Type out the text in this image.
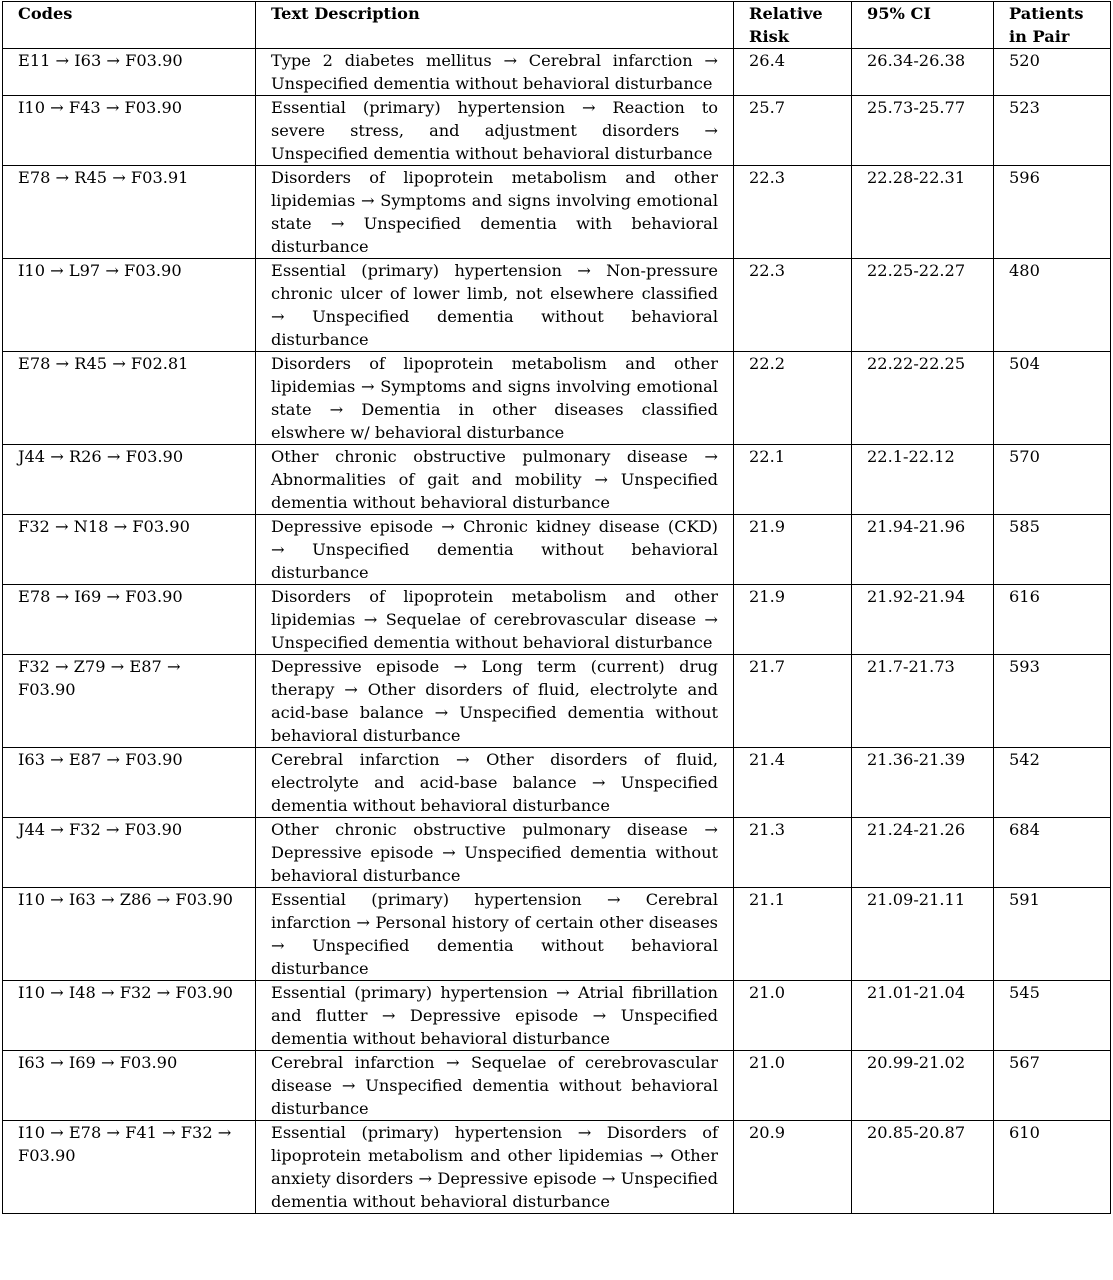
Codes	Text Description	Relative Risk	95% CI	Patients in Pair
E11 → I63 → F03.90	Type 2 diabetes mellitus → Cerebral infarction → Unspecified dementia without behavioral disturbance	26.4	26.34-26.38	520
I10 → F43 → F03.90	Essential (primary) hypertension → Reaction to severe stress, and adjustment disorders → Unspecified dementia without behavioral disturbance	25.7	25.73-25.77	523
E78 → R45 → F03.91	Disorders of lipoprotein metabolism and other lipidemias → Symptoms and signs involving emotional state → Unspecified dementia with behavioral disturbance	22.3	22.28-22.31	596
I10 → L97 → F03.90	Essential (primary) hypertension → Non-pressure chronic ulcer of lower limb, not elsewhere classified → Unspecified dementia without behavioral disturbance	22.3	22.25-22.27	480
E78 → R45 → F02.81	Disorders of lipoprotein metabolism and other lipidemias → Symptoms and signs involving emotional state → Dementia in other diseases classified elswhere w/ behavioral disturbance	22.2	22.22-22.25	504
J44 → R26 → F03.90	Other chronic obstructive pulmonary disease → Abnormalities of gait and mobility → Unspecified dementia without behavioral disturbance	22.1	22.1-22.12	570
F32 → N18 → F03.90	Depressive episode → Chronic kidney disease (CKD) → Unspecified dementia without behavioral disturbance	21.9	21.94-21.96	585
E78 → I69 → F03.90	Disorders of lipoprotein metabolism and other lipidemias → Sequelae of cerebrovascular disease → Unspecified dementia without behavioral disturbance	21.9	21.92-21.94	616
F32 → Z79 → E87 → F03.90	Depressive episode → Long term (current) drug therapy → Other disorders of fluid, electrolyte and acid-base balance → Unspecified dementia without behavioral disturbance	21.7	21.7-21.73	593
I63 → E87 → F03.90	Cerebral infarction → Other disorders of fluid, electrolyte and acid-base balance → Unspecified dementia without behavioral disturbance	21.4	21.36-21.39	542
J44 → F32 → F03.90	Other chronic obstructive pulmonary disease → Depressive episode → Unspecified dementia without behavioral disturbance	21.3	21.24-21.26	684
I10 → I63 → Z86 → F03.90	Essential (primary) hypertension → Cerebral infarction → Personal history of certain other diseases → Unspecified dementia without behavioral disturbance	21.1	21.09-21.11	591
I10 → I48 → F32 → F03.90	Essential (primary) hypertension → Atrial fibrillation and flutter → Depressive episode → Unspecified dementia without behavioral disturbance	21.0	21.01-21.04	545
I63 → I69 → F03.90	Cerebral infarction → Sequelae of cerebrovascular disease → Unspecified dementia without behavioral disturbance	21.0	20.99-21.02	567
I10 → E78 → F41 → F32 → F03.90	Essential (primary) hypertension → Disorders of lipoprotein metabolism and other lipidemias → Other anxiety disorders → Depressive episode → Unspecified dementia without behavioral disturbance	20.9	20.85-20.87	610
